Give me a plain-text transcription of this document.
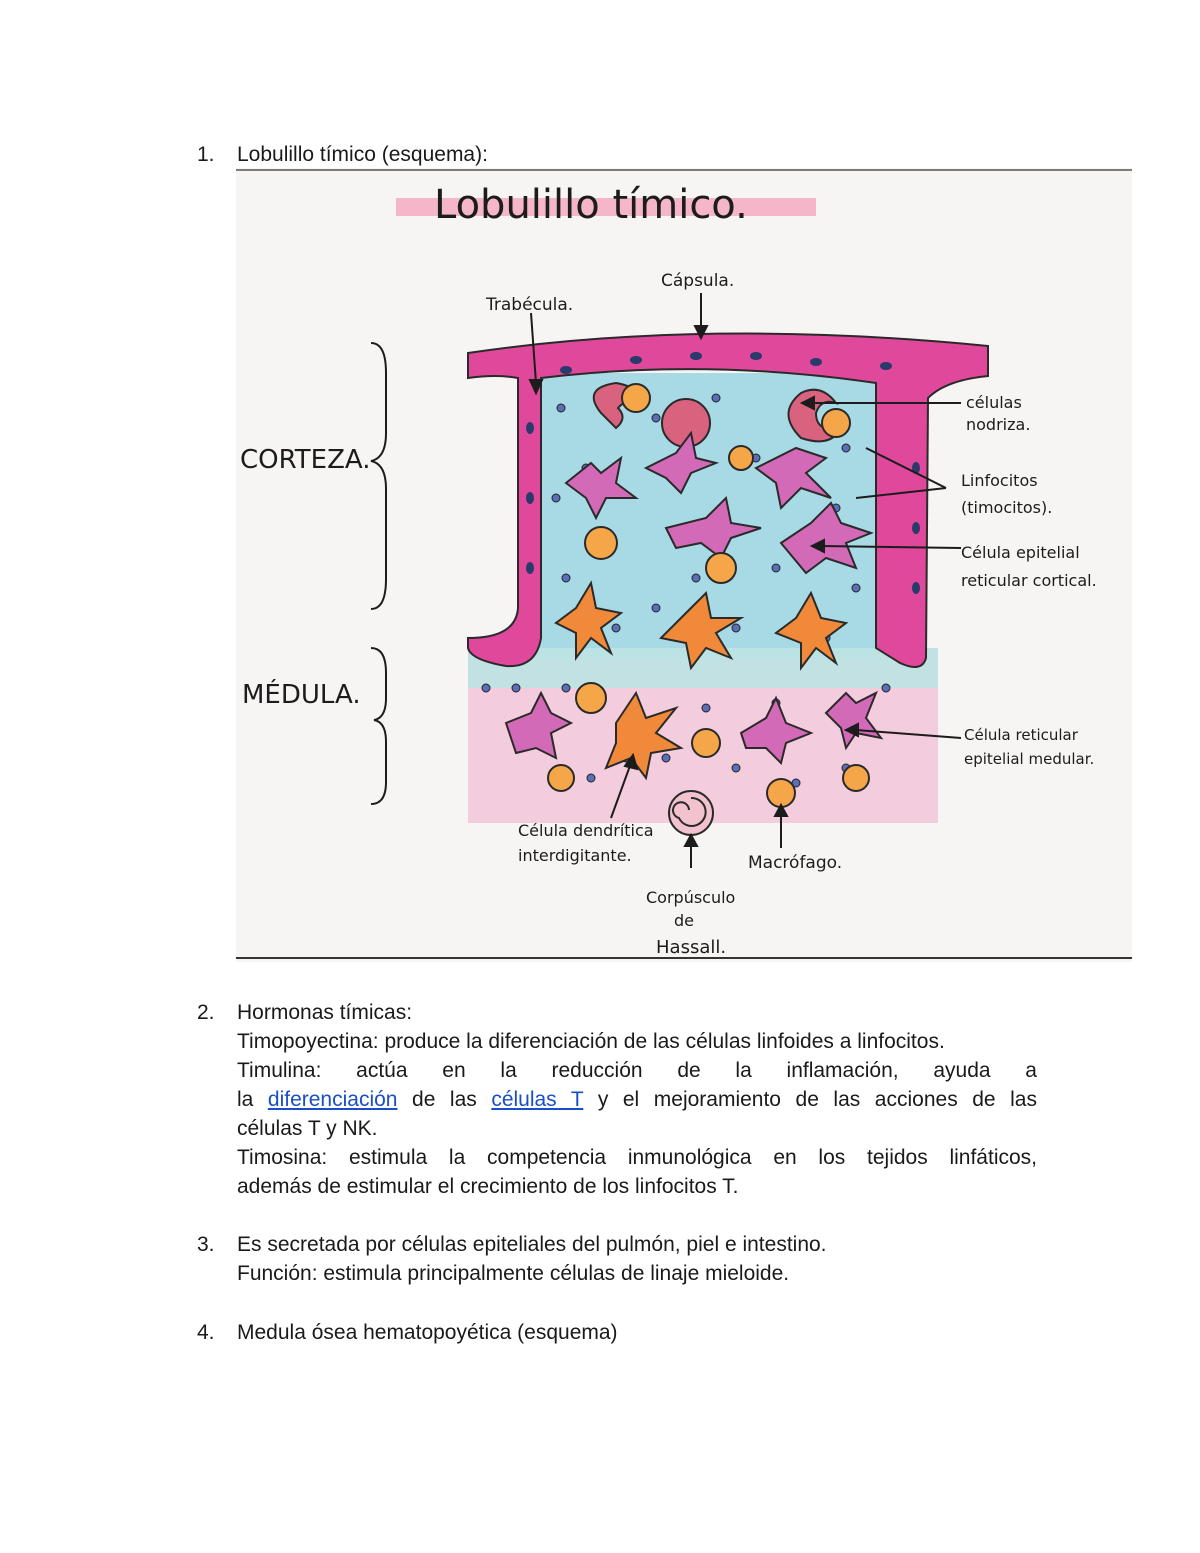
1.	Lobulillo tímico (esquema):
Lobulillo tímico.
Trabécula.
Cápsula.
CORTEZA.
MÉDULA.
células
nodriza.
Linfocitos
(timocitos).
Célula epitelial
reticular cortical.
Célula reticular
epitelial medular.
Célula dendrítica
interdigitante.	Macrófago.
Corpúsculo
de
Hassall.
2.	Hormonas tímicas:
Timopoyectina: produce la diferenciación de las células linfoides a linfocitos.
Timulina: actúa en la reducción de la inflamación, ayuda a
la diferenciación de las células T y el mejoramiento de las acciones de las
células T y NK.
Timosina: estimula la competencia inmunológica en los tejidos linfáticos,
además de estimular el crecimiento de los linfocitos T.
3.	Es secretada por células epiteliales del pulmón, piel e intestino.
Función: estimula principalmente células de linaje mieloide.
4.	Medula ósea hematopoyética (esquema)
